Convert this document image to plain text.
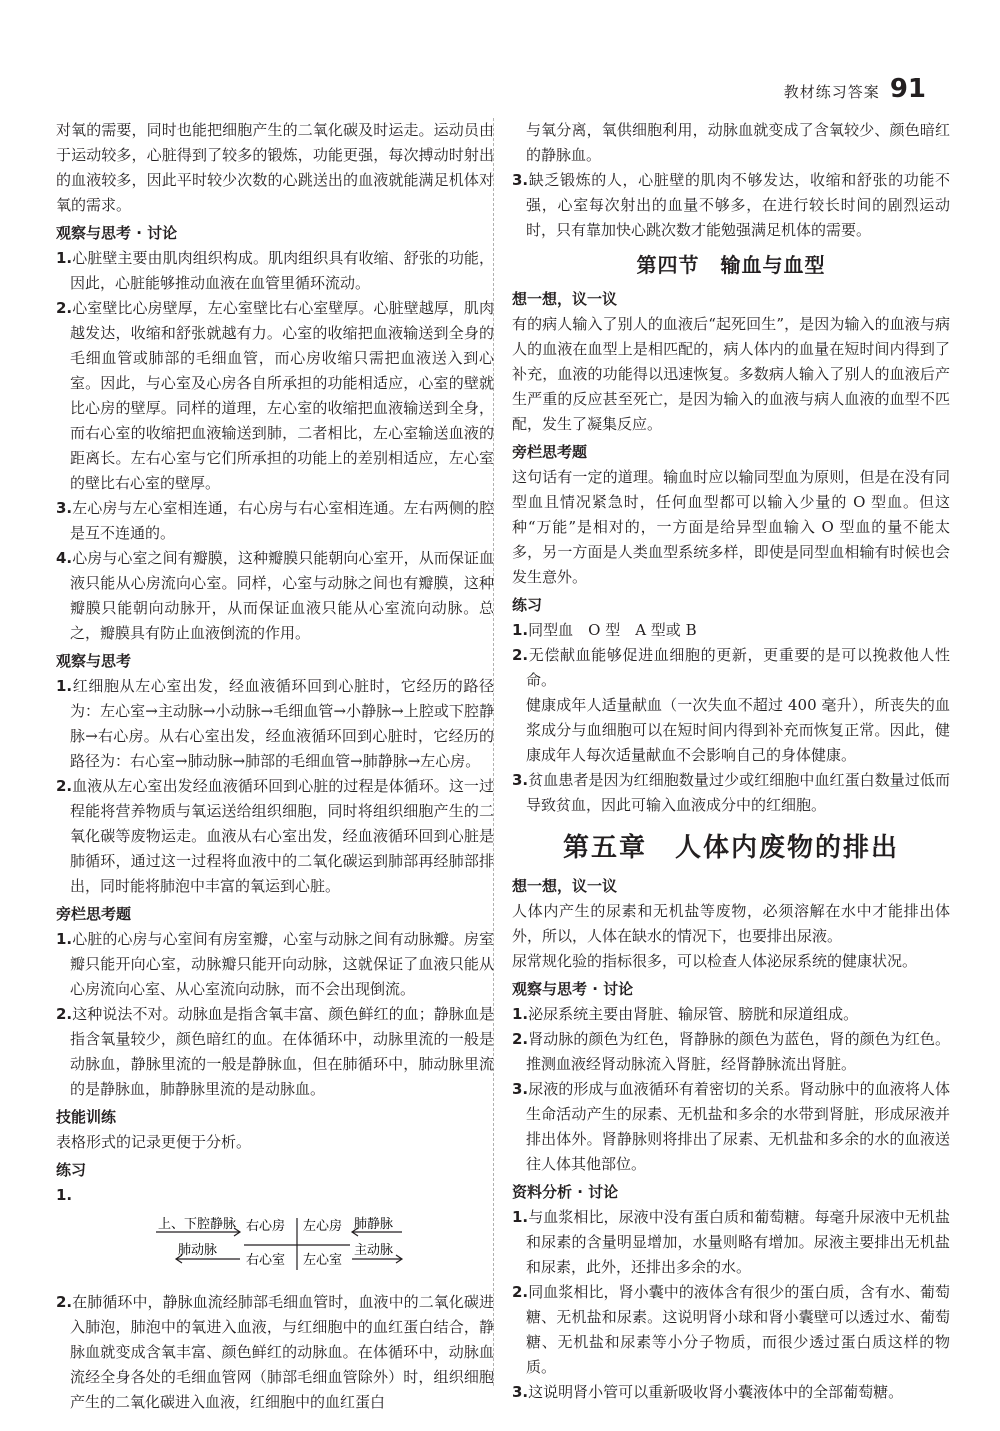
教材练习答案 91

对氧的需要，同时也能把细胞产生的二氧化碳及时运走。运动员由于运动较多，心脏得到了较多的锻炼，功能更强，每次搏动时射出的血液较多，因此平时较少次数的心跳送出的血液就能满足机体对氧的需求。

观察与思考 · 讨论

1.心脏壁主要由肌肉组织构成。肌肉组织具有收缩、舒张的功能，因此，心脏能够推动血液在血管里循环流动。

2.心室壁比心房壁厚，左心室壁比右心室壁厚。心脏壁越厚，肌肉越发达，收缩和舒张就越有力。心室的收缩把血液输送到全身的毛细血管或肺部的毛细血管，而心房收缩只需把血液送入到心室。因此，与心室及心房各自所承担的功能相适应，心室的壁就比心房的壁厚。同样的道理，左心室的收缩把血液输送到全身，而右心室的收缩把血液输送到肺，二者相比，左心室输送血液的距离长。左右心室与它们所承担的功能上的差别相适应，左心室的壁比右心室的壁厚。

3.左心房与左心室相连通，右心房与右心室相连通。左右两侧的腔是互不连通的。

4.心房与心室之间有瓣膜，这种瓣膜只能朝向心室开，从而保证血液只能从心房流向心室。同样，心室与动脉之间也有瓣膜，这种瓣膜只能朝向动脉开，从而保证血液只能从心室流向动脉。总之，瓣膜具有防止血液倒流的作用。

观察与思考

1.红细胞从左心室出发，经血液循环回到心脏时，它经历的路径为：左心室→主动脉→小动脉→毛细血管→小静脉→上腔或下腔静脉→右心房。从右心室出发，经血液循环回到心脏时，它经历的路径为：右心室→肺动脉→肺部的毛细血管→肺静脉→左心房。

2.血液从左心室出发经血液循环回到心脏的过程是体循环。这一过程能将营养物质与氧运送给组织细胞，同时将组织细胞产生的二氧化碳等废物运走。血液从右心室出发，经血液循环回到心脏是肺循环，通过这一过程将血液中的二氧化碳运到肺部再经肺部排出，同时能将肺泡中丰富的氧运到心脏。

旁栏思考题

1.心脏的心房与心室间有房室瓣，心室与动脉之间有动脉瓣。房室瓣只能开向心室，动脉瓣只能开向动脉，这就保证了血液只能从心房流向心室、从心室流向动脉，而不会出现倒流。

2.这种说法不对。动脉血是指含氧丰富、颜色鲜红的血；静脉血是指含氧量较少，颜色暗红的血。在体循环中，动脉里流的一般是动脉血，静脉里流的一般是静脉血，但在肺循环中，肺动脉里流的是静脉血，肺静脉里流的是动脉血。

技能训练

表格形式的记录更便于分析。

练习

1.

上、下腔静脉 右心房 左心房 肺静脉
肺动脉
右心室 左心室
主动脉

2.在肺循环中，静脉血流经肺部毛细血管时，血液中的二氧化碳进入肺泡，肺泡中的氧进入血液，与红细胞中的血红蛋白结合，静脉血就变成含氧丰富、颜色鲜红的动脉血。在体循环中，动脉血流经全身各处的毛细血管网（肺部毛细血管除外）时，组织细胞产生的二氧化碳进入血液，红细胞中的血红蛋白

与氧分离，氧供细胞利用，动脉血就变成了含氧较少、颜色暗红的静脉血。

3.缺乏锻炼的人，心脏壁的肌肉不够发达，收缩和舒张的功能不强，心室每次射出的血量不够多，在进行较长时间的剧烈运动时，只有靠加快心跳次数才能勉强满足机体的需要。

第四节　输血与血型
想一想，议一议

有的病人输入了别人的血液后“起死回生”，是因为输入的血液与病人的血液在血型上是相匹配的，病人体内的血量在短时间内得到了补充，血液的功能得以迅速恢复。多数病人输入了别人的血液后产生严重的反应甚至死亡，是因为输入的血液与病人血液的血型不匹配，发生了凝集反应。

旁栏思考题

这句话有一定的道理。输血时应以输同型血为原则，但是在没有同型血且情况紧急时，任何血型都可以输入少量的 O 型血。但这种“万能”是相对的，一方面是给异型血输入 O 型血的量不能太多，另一方面是人类血型系统多样，即使是同型血相输有时候也会发生意外。

练习

1.同型血　O 型　A 型或 B

2.无偿献血能够促进血细胞的更新，更重要的是可以挽救他人性命。

健康成年人适量献血（一次失血不超过 400 毫升），所丧失的血浆成分与血细胞可以在短时间内得到补充而恢复正常。因此，健康成年人每次适量献血不会影响自己的身体健康。

3.贫血患者是因为红细胞数量过少或红细胞中血红蛋白数量过低而导致贫血，因此可输入血液成分中的红细胞。

第五章　人体内废物的排出
想一想，议一议

人体内产生的尿素和无机盐等废物，必须溶解在水中才能排出体外，所以，人体在缺水的情况下，也要排出尿液。

尿常规化验的指标很多，可以检查人体泌尿系统的健康状况。

观察与思考 · 讨论

1.泌尿系统主要由肾脏、输尿管、膀胱和尿道组成。

2.肾动脉的颜色为红色，肾静脉的颜色为蓝色，肾的颜色为红色。推测血液经肾动脉流入肾脏，经肾静脉流出肾脏。

3.尿液的形成与血液循环有着密切的关系。肾动脉中的血液将人体生命活动产生的尿素、无机盐和多余的水带到肾脏，形成尿液并排出体外。肾静脉则将排出了尿素、无机盐和多余的水的血液送往人体其他部位。

资料分析 · 讨论

1.与血浆相比，尿液中没有蛋白质和葡萄糖。每毫升尿液中无机盐和尿素的含量明显增加，水量则略有增加。尿液主要排出无机盐和尿素，此外，还排出多余的水。

2.同血浆相比，肾小囊中的液体含有很少的蛋白质，含有水、葡萄糖、无机盐和尿素。这说明肾小球和肾小囊壁可以透过水、葡萄糖、无机盐和尿素等小分子物质，而很少透过蛋白质这样的物质。

3.这说明肾小管可以重新吸收肾小囊液体中的全部葡萄糖。
